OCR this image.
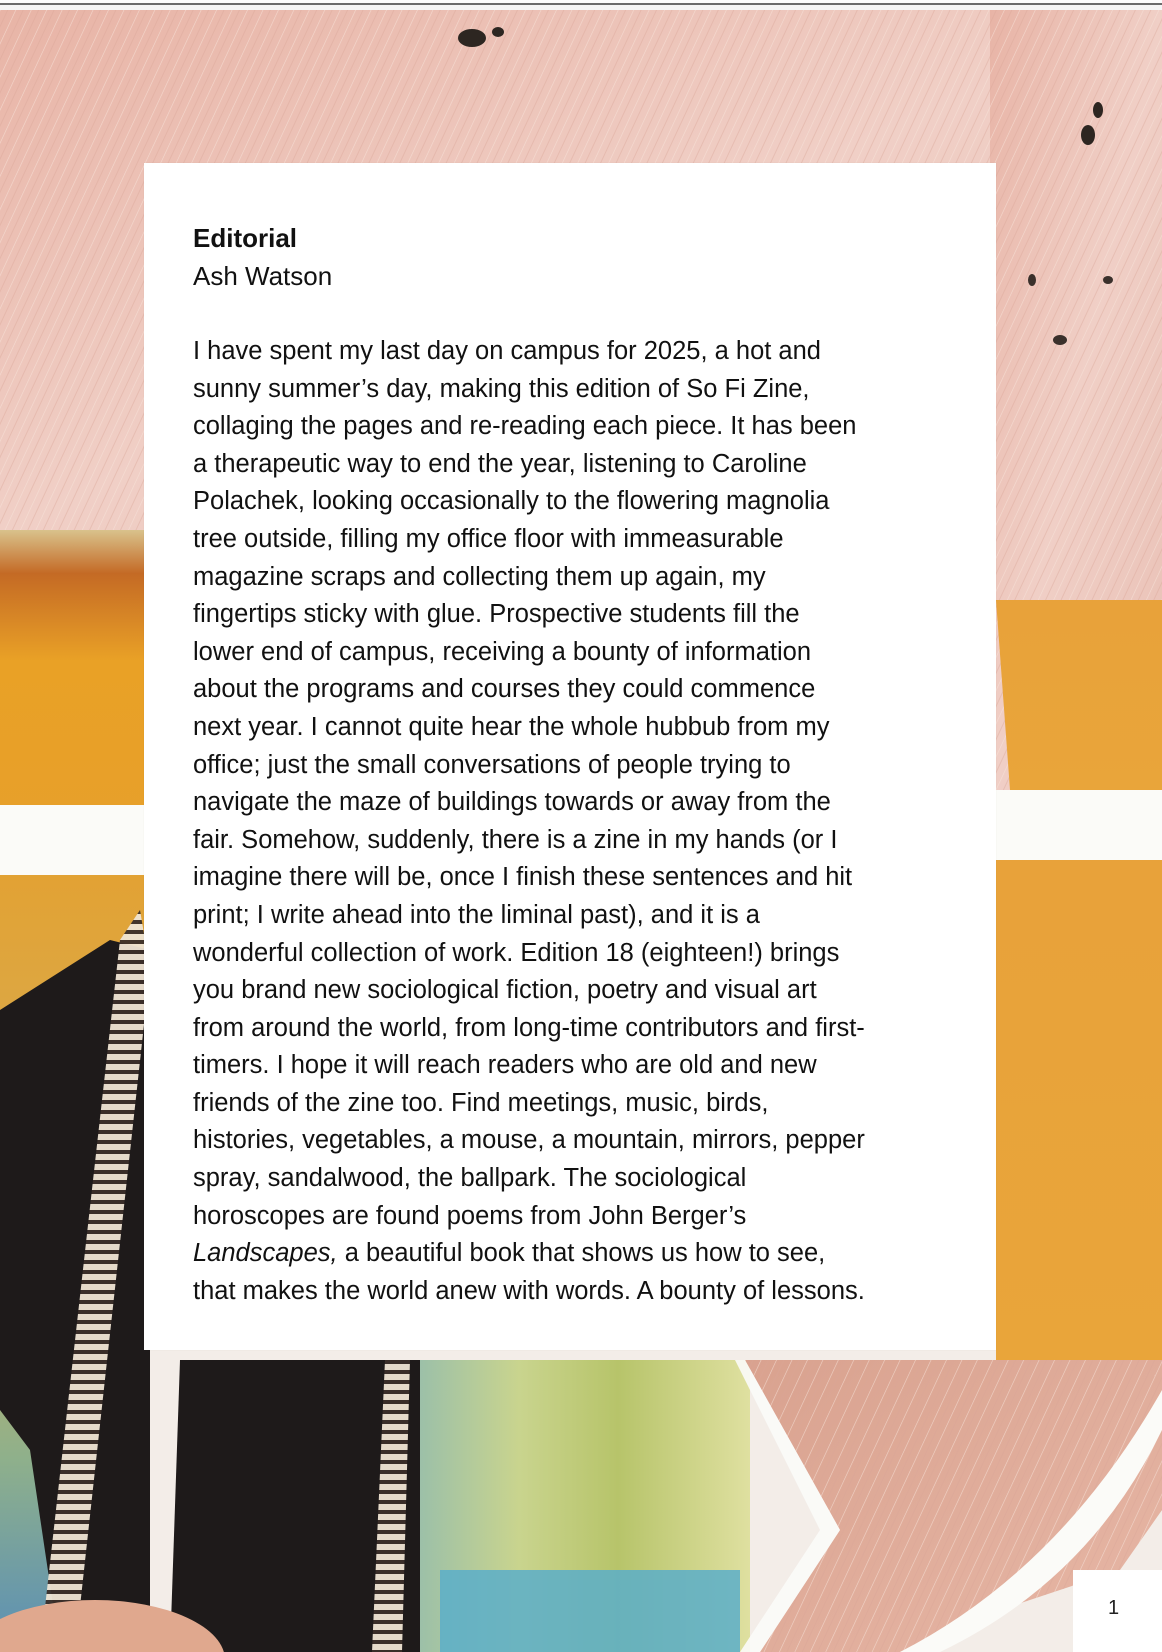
Editorial

Ash Watson

I have spent my last day on campus for 2025, a hot and
sunny summer’s day, making this edition of So Fi Zine,
collaging the pages and re-reading each piece. It has been
a therapeutic way to end the year, listening to Caroline
Polachek, looking occasionally to the flowering magnolia
tree outside, filling my office floor with immeasurable
magazine scraps and collecting them up again, my
fingertips sticky with glue. Prospective students fill the
lower end of campus, receiving a bounty of information
about the programs and courses they could commence
next year. I cannot quite hear the whole hubbub from my
office; just the small conversations of people trying to
navigate the maze of buildings towards or away from the
fair. Somehow, suddenly, there is a zine in my hands (or I
imagine there will be, once I finish these sentences and hit
print; I write ahead into the liminal past), and it is a
wonderful collection of work. Edition 18 (eighteen!) brings
you brand new sociological fiction, poetry and visual art
from around the world, from long-time contributors and first-
timers. I hope it will reach readers who are old and new
friends of the zine too. Find meetings, music, birds,
histories, vegetables, a mouse, a mountain, mirrors, pepper
spray, sandalwood, the ballpark. The sociological
horoscopes are found poems from John Berger’s
Landscapes, a beautiful book that shows us how to see,
that makes the world anew with words. A bounty of lessons.

1
